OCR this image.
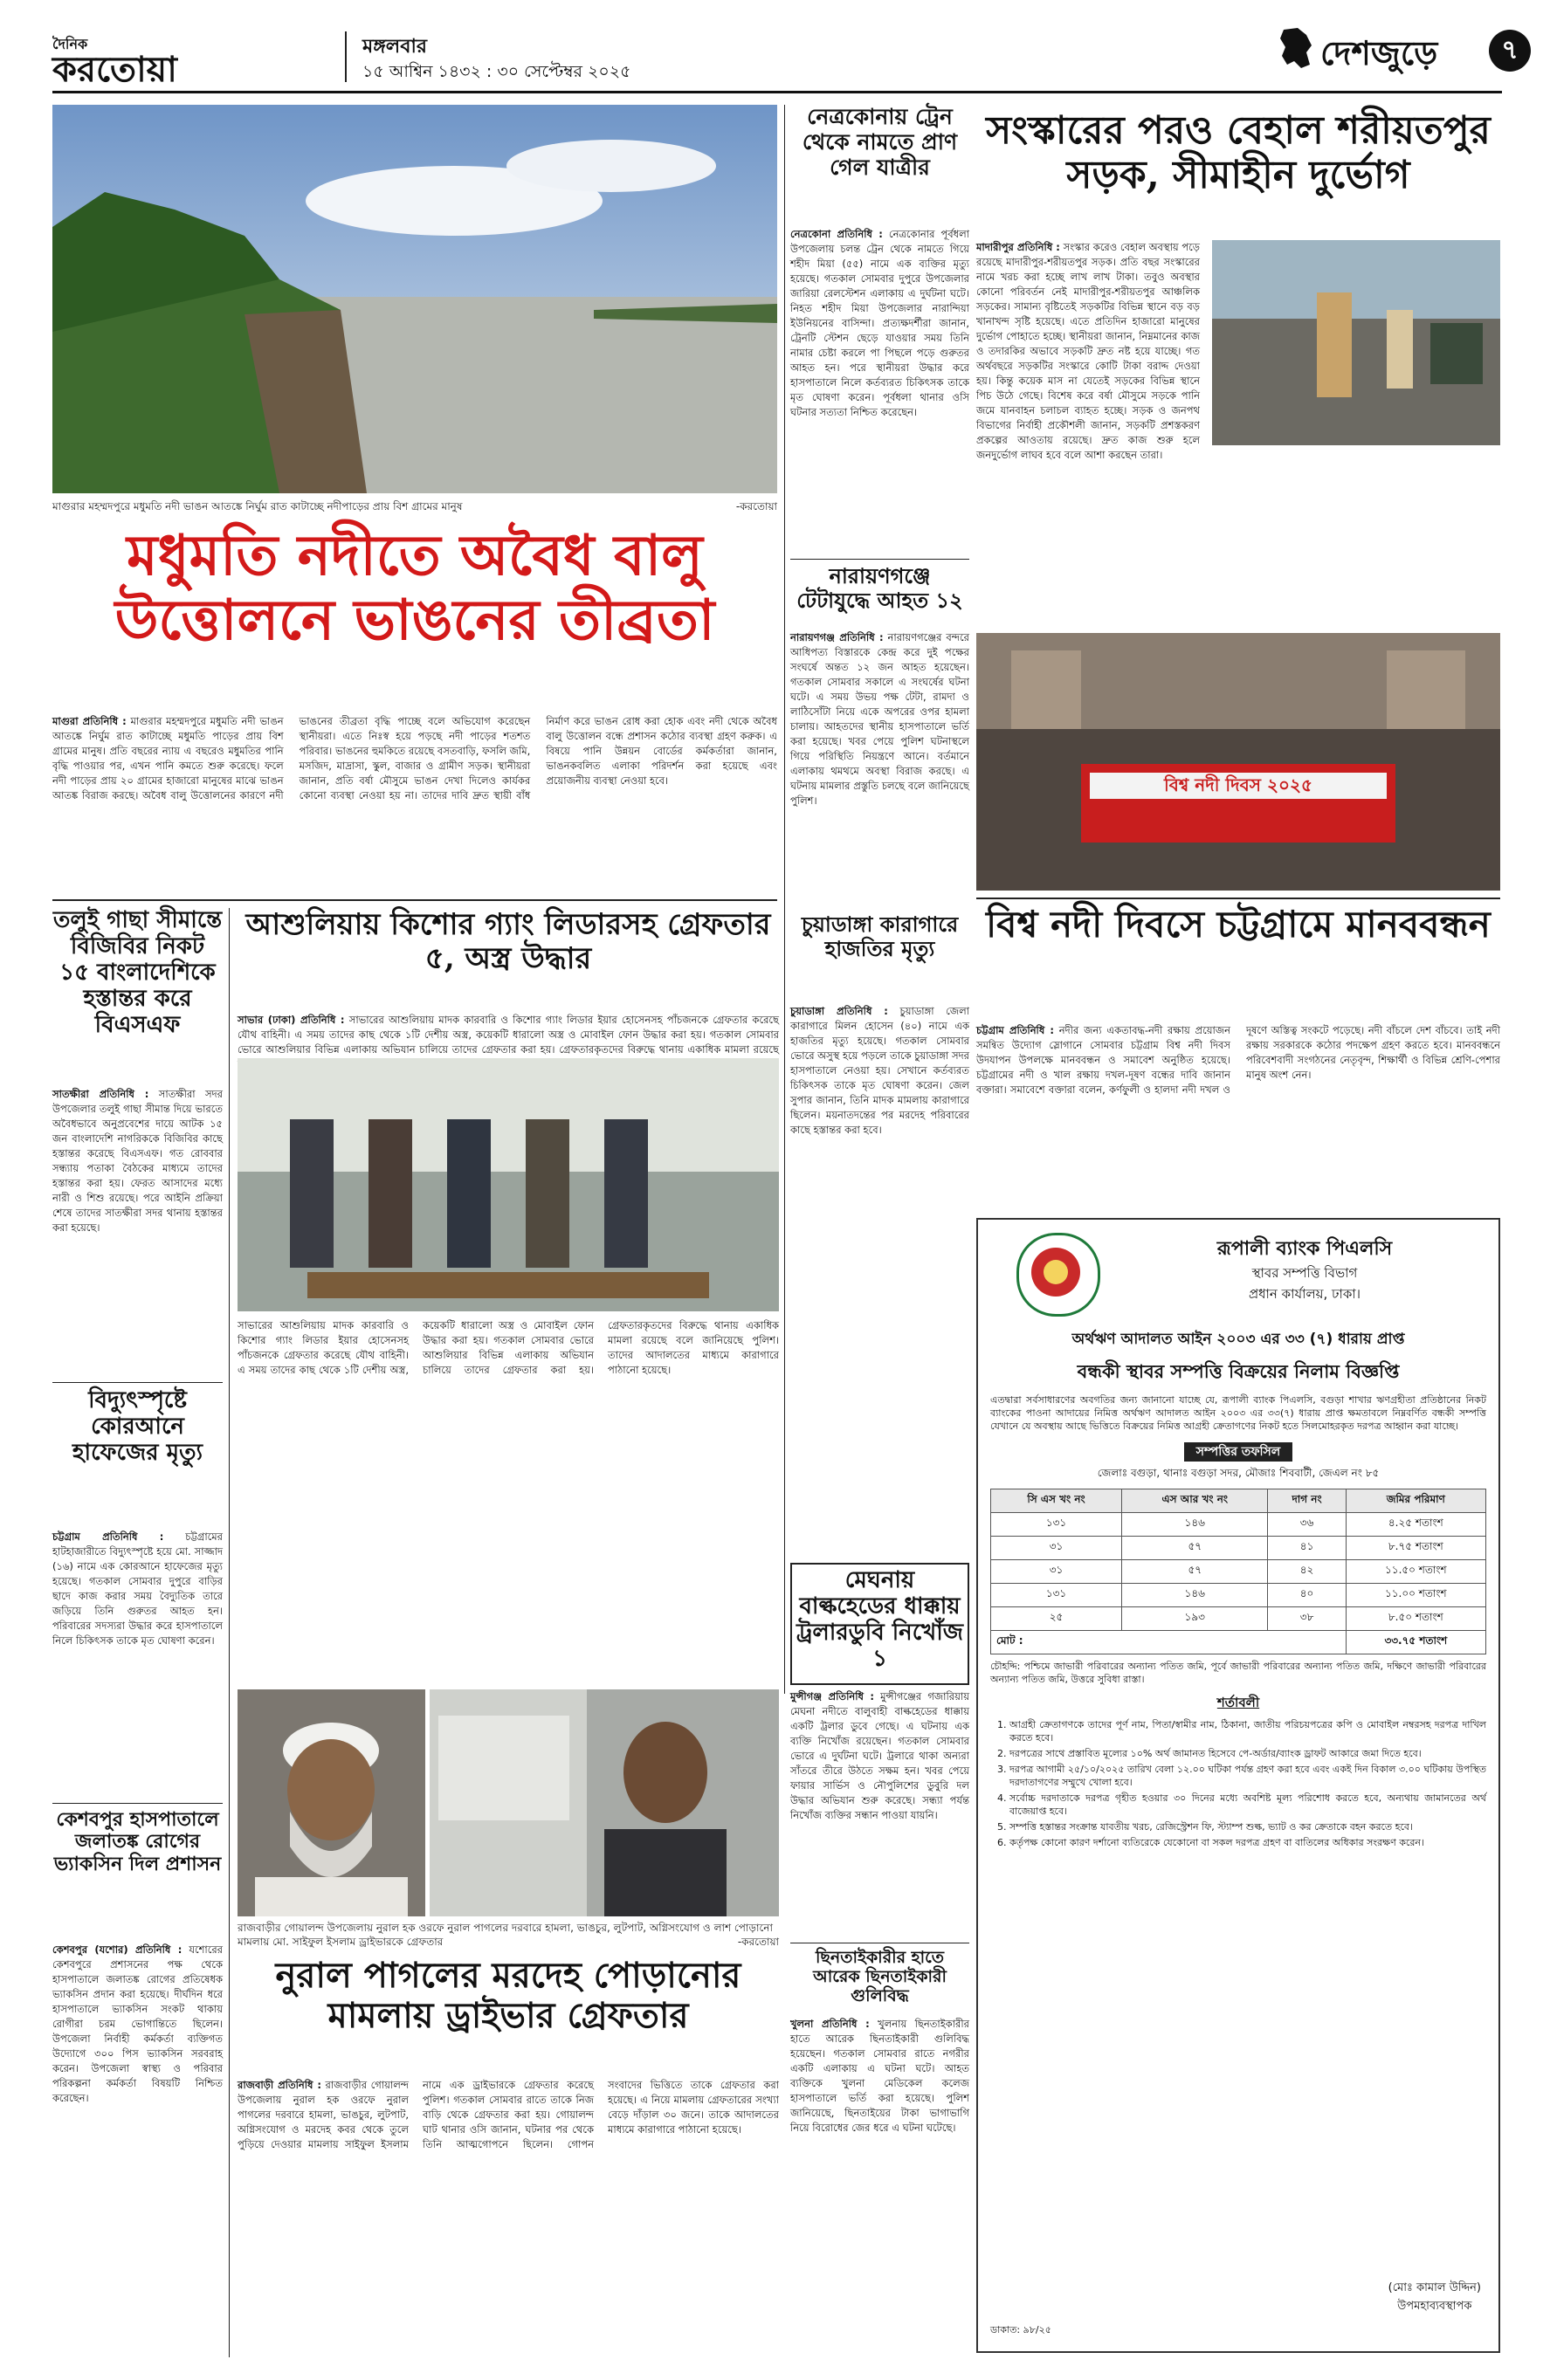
দৈনিক
করতোয়া
মঙ্গলবার
১৫ আশ্বিন ১৪৩২ : ৩০ সেপ্টেম্বর ২০২৫	দেশজুড়ে	৭
মাগুরার মহম্মদপুরে মধুমতি নদী ভাঙন আতঙ্কে নির্ঘুম রাত কাটাচ্ছে নদীপাড়ের প্রায় বিশ গ্রামের মানুষ	-করতোয়া
মধুমতি নদীতে অবৈধ বালু উত্তোলনে ভাঙনের তীব্রতা
মাগুরা প্রতিনিধি : মাগুরার মহম্মদপুরে মধুমতি নদী ভাঙন আতঙ্কে নির্ঘুম রাত কাটাচ্ছে মধুমতি পাড়ের প্রায় বিশ গ্রামের মানুষ। প্রতি বছরের ন্যায় এ বছরেও মধুমতির পানি বৃদ্ধি পাওয়ার পর, এখন পানি কমতে শুরু করেছে। ফলে নদী পাড়ের প্রায় ২০ গ্রামের হাজারো মানুষের মাঝে ভাঙন আতঙ্ক বিরাজ করছে। অবৈধ বালু উত্তোলনের কারণে নদী ভাঙনের তীব্রতা বৃদ্ধি পাচ্ছে বলে অভিযোগ করেছেন স্থানীয়রা। এতে নিঃস্ব হয়ে পড়ছে নদী পাড়ের শতশত পরিবার। ভাঙনের হুমকিতে রয়েছে বসতবাড়ি, ফসলি জমি, মসজিদ, মাদ্রাসা, স্কুল, বাজার ও গ্রামীণ সড়ক। স্থানীয়রা জানান, প্রতি বর্ষা মৌসুমে ভাঙন দেখা দিলেও কার্যকর কোনো ব্যবস্থা নেওয়া হয় না। তাদের দাবি দ্রুত স্থায়ী বাঁধ নির্মাণ করে ভাঙন রোধ করা হোক এবং নদী থেকে অবৈধ বালু উত্তোলন বন্ধে প্রশাসন কঠোর ব্যবস্থা গ্রহণ করুক। এ বিষয়ে পানি উন্নয়ন বোর্ডের কর্মকর্তারা জানান, ভাঙনকবলিত এলাকা পরিদর্শন করা হয়েছে এবং প্রয়োজনীয় ব্যবস্থা নেওয়া হবে।
নেত্রকোনায় ট্রেন থেকে নামতে প্রাণ গেল যাত্রীর
নেত্রকোনা প্রতিনিধি : নেত্রকোনার পূর্বধলা উপজেলায় চলন্ত ট্রেন থেকে নামতে গিয়ে শহীদ মিয়া (৫৫) নামে এক ব্যক্তির মৃত্যু হয়েছে। গতকাল সোমবার দুপুরে উপজেলার জারিয়া রেলস্টেশন এলাকায় এ দুর্ঘটনা ঘটে। নিহত শহীদ মিয়া উপজেলার নারান্দিয়া ইউনিয়নের বাসিন্দা। প্রত্যক্ষদর্শীরা জানান, ট্রেনটি স্টেশন ছেড়ে যাওয়ার সময় তিনি নামার চেষ্টা করলে পা পিছলে পড়ে গুরুতর আহত হন। পরে স্থানীয়রা উদ্ধার করে হাসপাতালে নিলে কর্তব্যরত চিকিৎসক তাকে মৃত ঘোষণা করেন। পূর্বধলা থানার ওসি ঘটনার সত্যতা নিশ্চিত করেছেন।
নারায়ণগঞ্জে টেটাযুদ্ধে আহত ১২
নারায়ণগঞ্জ প্রতিনিধি : নারায়ণগঞ্জের বন্দরে আধিপত্য বিস্তারকে কেন্দ্র করে দুই পক্ষের সংঘর্ষে অন্তত ১২ জন আহত হয়েছেন। গতকাল সোমবার সকালে এ সংঘর্ষের ঘটনা ঘটে। এ সময় উভয় পক্ষ টেটা, রামদা ও লাঠিসোঁটা নিয়ে একে অপরের ওপর হামলা চালায়। আহতদের স্থানীয় হাসপাতালে ভর্তি করা হয়েছে। খবর পেয়ে পুলিশ ঘটনাস্থলে গিয়ে পরিস্থিতি নিয়ন্ত্রণে আনে। বর্তমানে এলাকায় থমথমে অবস্থা বিরাজ করছে। এ ঘটনায় মামলার প্রস্তুতি চলছে বলে জানিয়েছে পুলিশ।
সংস্কারের পরও বেহাল শরীয়তপুর সড়ক, সীমাহীন দুর্ভোগ
মাদারীপুর প্রতিনিধি : সংস্কার করেও বেহাল অবস্থায় পড়ে রয়েছে মাদারীপুর-শরীয়তপুর সড়ক। প্রতি বছর সংস্কারের নামে খরচ করা হচ্ছে লাখ লাখ টাকা। তবুও অবস্থার কোনো পরিবর্তন নেই মাদারীপুর-শরীয়তপুর আঞ্চলিক সড়কের। সামান্য বৃষ্টিতেই সড়কটির বিভিন্ন স্থানে বড় বড় খানাখন্দ সৃষ্টি হয়েছে। এতে প্রতিদিন হাজারো মানুষের দুর্ভোগ পোহাতে হচ্ছে। স্থানীয়রা জানান, নিম্নমানের কাজ ও তদারকির অভাবে সড়কটি দ্রুত নষ্ট হয়ে যাচ্ছে। গত অর্থবছরে সড়কটির সংস্কারে কোটি টাকা বরাদ্দ দেওয়া হয়। কিন্তু কয়েক মাস না যেতেই সড়কের বিভিন্ন স্থানে পিচ উঠে গেছে। বিশেষ করে বর্ষা মৌসুমে সড়কে পানি জমে যানবাহন চলাচল ব্যাহত হচ্ছে। সড়ক ও জনপথ বিভাগের নির্বাহী প্রকৌশলী জানান, সড়কটি প্রশস্তকরণ প্রকল্পের আওতায় রয়েছে। দ্রুত কাজ শুরু হলে জনদুর্ভোগ লাঘব হবে বলে আশা করছেন তারা।
বিশ্ব নদী দিবস ২০২৫
বিশ্ব নদী দিবসে চট্টগ্রামে মানববন্ধন
চট্টগ্রাম প্রতিনিধি : নদীর জন্য একতাবদ্ধ-নদী রক্ষায় প্রয়োজন সমন্বিত উদ্যোগ স্লোগানে সোমবার চট্টগ্রাম বিশ্ব নদী দিবস উদযাপন উপলক্ষে মানববন্ধন ও সমাবেশ অনুষ্ঠিত হয়েছে। চট্টগ্রামের নদী ও খাল রক্ষায় দখল-দূষণ বন্ধের দাবি জানান বক্তারা। সমাবেশে বক্তারা বলেন, কর্ণফুলী ও হালদা নদী দখল ও দূষণে অস্তিত্ব সংকটে পড়েছে। নদী বাঁচলে দেশ বাঁচবে। তাই নদী রক্ষায় সরকারকে কঠোর পদক্ষেপ গ্রহণ করতে হবে। মানববন্ধনে পরিবেশবাদী সংগঠনের নেতৃবৃন্দ, শিক্ষার্থী ও বিভিন্ন শ্রেণি-পেশার মানুষ অংশ নেন।
তলুই গাছা সীমান্তে বিজিবির নিকট ১৫ বাংলাদেশিকে হস্তান্তর করে বিএসএফ
সাতক্ষীরা প্রতিনিধি : সাতক্ষীরা সদর উপজেলার তলুই গাছা সীমান্ত দিয়ে ভারতে অবৈধভাবে অনুপ্রবেশের দায়ে আটক ১৫ জন বাংলাদেশি নাগরিককে বিজিবির কাছে হস্তান্তর করেছে বিএসএফ। গত রোববার সন্ধ্যায় পতাকা বৈঠকের মাধ্যমে তাদের হস্তান্তর করা হয়। ফেরত আসাদের মধ্যে নারী ও শিশু রয়েছে। পরে আইনি প্রক্রিয়া শেষে তাদের সাতক্ষীরা সদর থানায় হস্তান্তর করা হয়েছে।
বিদ্যুৎস্পৃষ্টে কোরআনে হাফেজের মৃত্যু
চট্টগ্রাম প্রতিনিধি : চট্টগ্রামের হাটহাজারীতে বিদ্যুৎস্পৃষ্টে হয়ে মো. সাজ্জাদ (১৬) নামে এক কোরআনে হাফেজের মৃত্যু হয়েছে। গতকাল সোমবার দুপুরে বাড়ির ছাদে কাজ করার সময় বৈদ্যুতিক তারে জড়িয়ে তিনি গুরুতর আহত হন। পরিবারের সদস্যরা উদ্ধার করে হাসপাতালে নিলে চিকিৎসক তাকে মৃত ঘোষণা করেন।
কেশবপুর হাসপাতালে জলাতঙ্ক রোগের ভ্যাকসিন দিল প্রশাসন
কেশবপুর (যশোর) প্রতিনিধি : যশোরের কেশবপুরে প্রশাসনের পক্ষ থেকে হাসপাতালে জলাতঙ্ক রোগের প্রতিষেধক ভ্যাকসিন প্রদান করা হয়েছে। দীর্ঘদিন ধরে হাসপাতালে ভ্যাকসিন সংকট থাকায় রোগীরা চরম ভোগান্তিতে ছিলেন। উপজেলা নির্বাহী কর্মকর্তা ব্যক্তিগত উদ্যোগে ৩০০ পিস ভ্যাকসিন সরবরাহ করেন। উপজেলা স্বাস্থ্য ও পরিবার পরিকল্পনা কর্মকর্তা বিষয়টি নিশ্চিত করেছেন।
আশুলিয়ায় কিশোর গ্যাং লিডারসহ গ্রেফতার ৫, অস্ত্র উদ্ধার
সাভার (ঢাকা) প্রতিনিধি : সাভারের আশুলিয়ায় মাদক কারবারি ও কিশোর গ্যাং লিডার ইয়ার হোসেনসহ পাঁচজনকে গ্রেফতার করেছে যৌথ বাহিনী। এ সময় তাদের কাছ থেকে ১টি দেশীয় অস্ত্র, কয়েকটি ধারালো অস্ত্র ও মোবাইল ফোন উদ্ধার করা হয়। গতকাল সোমবার ভোরে আশুলিয়ার বিভিন্ন এলাকায় অভিযান চালিয়ে তাদের গ্রেফতার করা হয়। গ্রেফতারকৃতদের বিরুদ্ধে থানায় একাধিক মামলা রয়েছে
সাভারের আশুলিয়ায় মাদক কারবারি ও কিশোর গ্যাং লিডার ইয়ার হোসেনসহ পাঁচজনকে গ্রেফতার করেছে যৌথ বাহিনী। এ সময় তাদের কাছ থেকে ১টি দেশীয় অস্ত্র, কয়েকটি ধারালো অস্ত্র ও মোবাইল ফোন উদ্ধার করা হয়। গতকাল সোমবার ভোরে আশুলিয়ার বিভিন্ন এলাকায় অভিযান চালিয়ে তাদের গ্রেফতার করা হয়। গ্রেফতারকৃতদের বিরুদ্ধে থানায় একাধিক মামলা রয়েছে বলে জানিয়েছে পুলিশ। তাদের আদালতের মাধ্যমে কারাগারে পাঠানো হয়েছে।
চুয়াডাঙ্গা কারাগারে হাজতির মৃত্যু
চুয়াডাঙ্গা প্রতিনিধি : চুয়াডাঙ্গা জেলা কারাগারে মিলন হোসেন (৪০) নামে এক হাজতির মৃত্যু হয়েছে। গতকাল সোমবার ভোরে অসুস্থ হয়ে পড়লে তাকে চুয়াডাঙ্গা সদর হাসপাতালে নেওয়া হয়। সেখানে কর্তব্যরত চিকিৎসক তাকে মৃত ঘোষণা করেন। জেল সুপার জানান, তিনি মাদক মামলায় কারাগারে ছিলেন। ময়নাতদন্তের পর মরদেহ পরিবারের কাছে হস্তান্তর করা হবে।
মেঘনায় বাল্কহেডের ধাক্কায় ট্রলারডুবি নিখোঁজ ১
মুন্সীগঞ্জ প্রতিনিধি : মুন্সীগঞ্জের গজারিয়ায় মেঘনা নদীতে বালুবাহী বাল্কহেডের ধাক্কায় একটি ট্রলার ডুবে গেছে। এ ঘটনায় এক ব্যক্তি নিখোঁজ রয়েছেন। গতকাল সোমবার ভোরে এ দুর্ঘটনা ঘটে। ট্রলারে থাকা অন্যরা সাঁতরে তীরে উঠতে সক্ষম হন। খবর পেয়ে ফায়ার সার্ভিস ও নৌপুলিশের ডুবুরি দল উদ্ধার অভিযান শুরু করেছে। সন্ধ্যা পর্যন্ত নিখোঁজ ব্যক্তির সন্ধান পাওয়া যায়নি।
ছিনতাইকারীর হাতে আরেক ছিনতাইকারী গুলিবিদ্ধ
খুলনা প্রতিনিধি : খুলনায় ছিনতাইকারীর হাতে আরেক ছিনতাইকারী গুলিবিদ্ধ হয়েছেন। গতকাল সোমবার রাতে নগরীর একটি এলাকায় এ ঘটনা ঘটে। আহত ব্যক্তিকে খুলনা মেডিকেল কলেজ হাসপাতালে ভর্তি করা হয়েছে। পুলিশ জানিয়েছে, ছিনতাইয়ের টাকা ভাগাভাগি নিয়ে বিরোধের জের ধরে এ ঘটনা ঘটেছে।
রাজবাড়ীর গোয়ালন্দ উপজেলায় নুরাল হক ওরফে নুরাল পাগলের দরবারে হামলা, ভাঙচুর, লুটপাট, অগ্নিসংযোগ ও লাশ পোড়ানো মামলায় মো. সাইফুল ইসলাম ড্রাইভারকে গ্রেফতার	-করতোয়া
নুরাল পাগলের মরদেহ পোড়ানোর মামলায় ড্রাইভার গ্রেফতার
রাজবাড়ী প্রতিনিধি : রাজবাড়ীর গোয়ালন্দ উপজেলায় নুরাল হক ওরফে নুরাল পাগলের দরবারে হামলা, ভাঙচুর, লুটপাট, অগ্নিসংযোগ ও মরদেহ কবর থেকে তুলে পুড়িয়ে দেওয়ার মামলায় সাইফুল ইসলাম নামে এক ড্রাইভারকে গ্রেফতার করেছে পুলিশ। গতকাল সোমবার রাতে তাকে নিজ বাড়ি থেকে গ্রেফতার করা হয়। গোয়ালন্দ ঘাট থানার ওসি জানান, ঘটনার পর থেকে তিনি আত্মগোপনে ছিলেন। গোপন সংবাদের ভিত্তিতে তাকে গ্রেফতার করা হয়েছে। এ নিয়ে মামলায় গ্রেফতারের সংখ্যা বেড়ে দাঁড়াল ৩০ জনে। তাকে আদালতের মাধ্যমে কারাগারে পাঠানো হয়েছে।
রূপালী ব্যাংক পিএলসি
স্থাবর সম্পত্তি বিভাগ
প্রধান কার্যালয়, ঢাকা।
অর্থঋণ আদালত আইন ২০০৩ এর ৩৩ (৭) ধারায় প্রাপ্ত
বন্ধকী স্থাবর সম্পত্তি বিক্রয়ের নিলাম বিজ্ঞপ্তি
এতদ্বারা সর্বসাধারণের অবগতির জন্য জানানো যাচ্ছে যে, রূপালী ব্যাংক পিএলসি, বগুড়া শাখার ঋণগ্রহীতা প্রতিষ্ঠানের নিকট ব্যাংকের পাওনা আদায়ের নিমিত্ত অর্থঋণ আদালত আইন ২০০৩ এর ৩৩(৭) ধারায় প্রাপ্ত ক্ষমতাবলে নিম্নবর্ণিত বন্ধকী সম্পত্তি যেখানে যে অবস্থায় আছে ভিত্তিতে বিক্রয়ের নিমিত্ত আগ্রহী ক্রেতাগণের নিকট হতে সিলমোহরকৃত দরপত্র আহ্বান করা যাচ্ছে।
সম্পত্তির তফসিল
জেলাঃ বগুড়া, থানাঃ বগুড়া সদর, মৌজাঃ শিববাটী, জেএল নং ৮৫
সি এস খং নং	এস আর খং নং	দাগ নং	জমির পরিমাণ
১৩১	১৪৬	৩৬	৪.২৫ শতাংশ
৩১	৫৭	৪১	৮.৭৫ শতাংশ
৩১	৫৭	৪২	১১.৫০ শতাংশ
১৩১	১৪৬	৪০	১১.০০ শতাংশ
২৫	১৯৩	৩৮	৮.৫০ শতাংশ
মোট :			৩৩.৭৫ শতাংশ
চৌহদ্দি: পশ্চিমে জাভারী পরিবারের অন্যান্য পতিত জমি, পূর্বে জাভারী পরিবারের অন্যান্য পতিত জমি, দক্ষিণে জাভারী পরিবারের অন্যান্য পতিত জমি, উত্তরে সুবিধা রাস্তা।
শর্তাবলী
1. আগ্রহী ক্রেতাগণকে তাদের পূর্ণ নাম, পিতা/স্বামীর নাম, ঠিকানা, জাতীয় পরিচয়পত্রের কপি ও মোবাইল নম্বরসহ দরপত্র দাখিল করতে হবে।
2. দরপত্রের সাথে প্রস্তাবিত মূল্যের ১০% অর্থ জামানত হিসেবে পে-অর্ডার/ব্যাংক ড্রাফট আকারে জমা দিতে হবে।
3. দরপত্র আগামী ২৫/১০/২০২৫ তারিখ বেলা ১২.০০ ঘটিকা পর্যন্ত গ্রহণ করা হবে এবং একই দিন বিকাল ৩.০০ ঘটিকায় উপস্থিত দরদাতাগণের সম্মুখে খোলা হবে।
4. সর্বোচ্চ দরদাতাকে দরপত্র গৃহীত হওয়ার ৩০ দিনের মধ্যে অবশিষ্ট মূল্য পরিশোধ করতে হবে, অন্যথায় জামানতের অর্থ বাজেয়াপ্ত হবে।
5. সম্পত্তি হস্তান্তর সংক্রান্ত যাবতীয় খরচ, রেজিস্ট্রেশন ফি, স্ট্যাম্প শুল্ক, ভ্যাট ও কর ক্রেতাকে বহন করতে হবে।
6. কর্তৃপক্ষ কোনো কারণ দর্শানো ব্যতিরেকে যেকোনো বা সকল দরপত্র গ্রহণ বা বাতিলের অধিকার সংরক্ষণ করেন।
(মোঃ কামাল উদ্দিন)
উপমহাব্যবস্থাপক
ডাকাত: ৯৮/২৫
